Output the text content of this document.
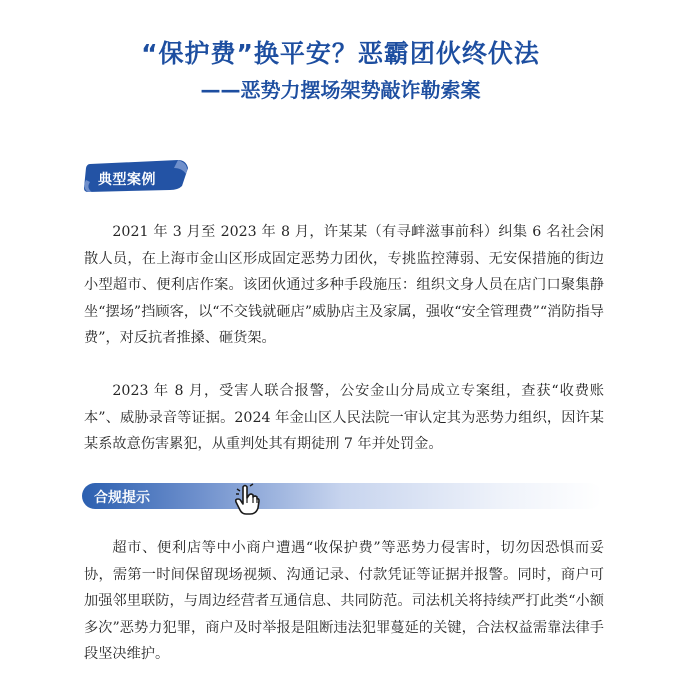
“保护费”换平安？恶霸团伙终伏法
——恶势力摆场架势敲诈勒索案
典型案例

2021 年 3 月至 2023 年 8 月，许某某（有寻衅滋事前科）纠集 6 名社会闲散人员，在上海市金山区形成固定恶势力团伙，专挑监控薄弱、无安保措施的街边小型超市、便利店作案。该团伙通过多种手段施压：组织文身人员在店门口聚集静坐“摆场”挡顾客，以“不交钱就砸店”威胁店主及家属，强收“安全管理费”“消防指导费”，对反抗者推搡、砸货架。

2023 年 8 月，受害人联合报警，公安金山分局成立专案组，查获“收费账本”、威胁录音等证据。2024 年金山区人民法院一审认定其为恶势力组织，因许某某系故意伤害累犯，从重判处其有期徒刑 7 年并处罚金。

合规提示

超市、便利店等中小商户遭遇“收保护费”等恶势力侵害时，切勿因恐惧而妥协，需第一时间保留现场视频、沟通记录、付款凭证等证据并报警。同时，商户可加强邻里联防，与周边经营者互通信息、共同防范。司法机关将持续严打此类“小额多次”恶势力犯罪，商户及时举报是阻断违法犯罪蔓延的关键，合法权益需靠法律手段坚决维护。
